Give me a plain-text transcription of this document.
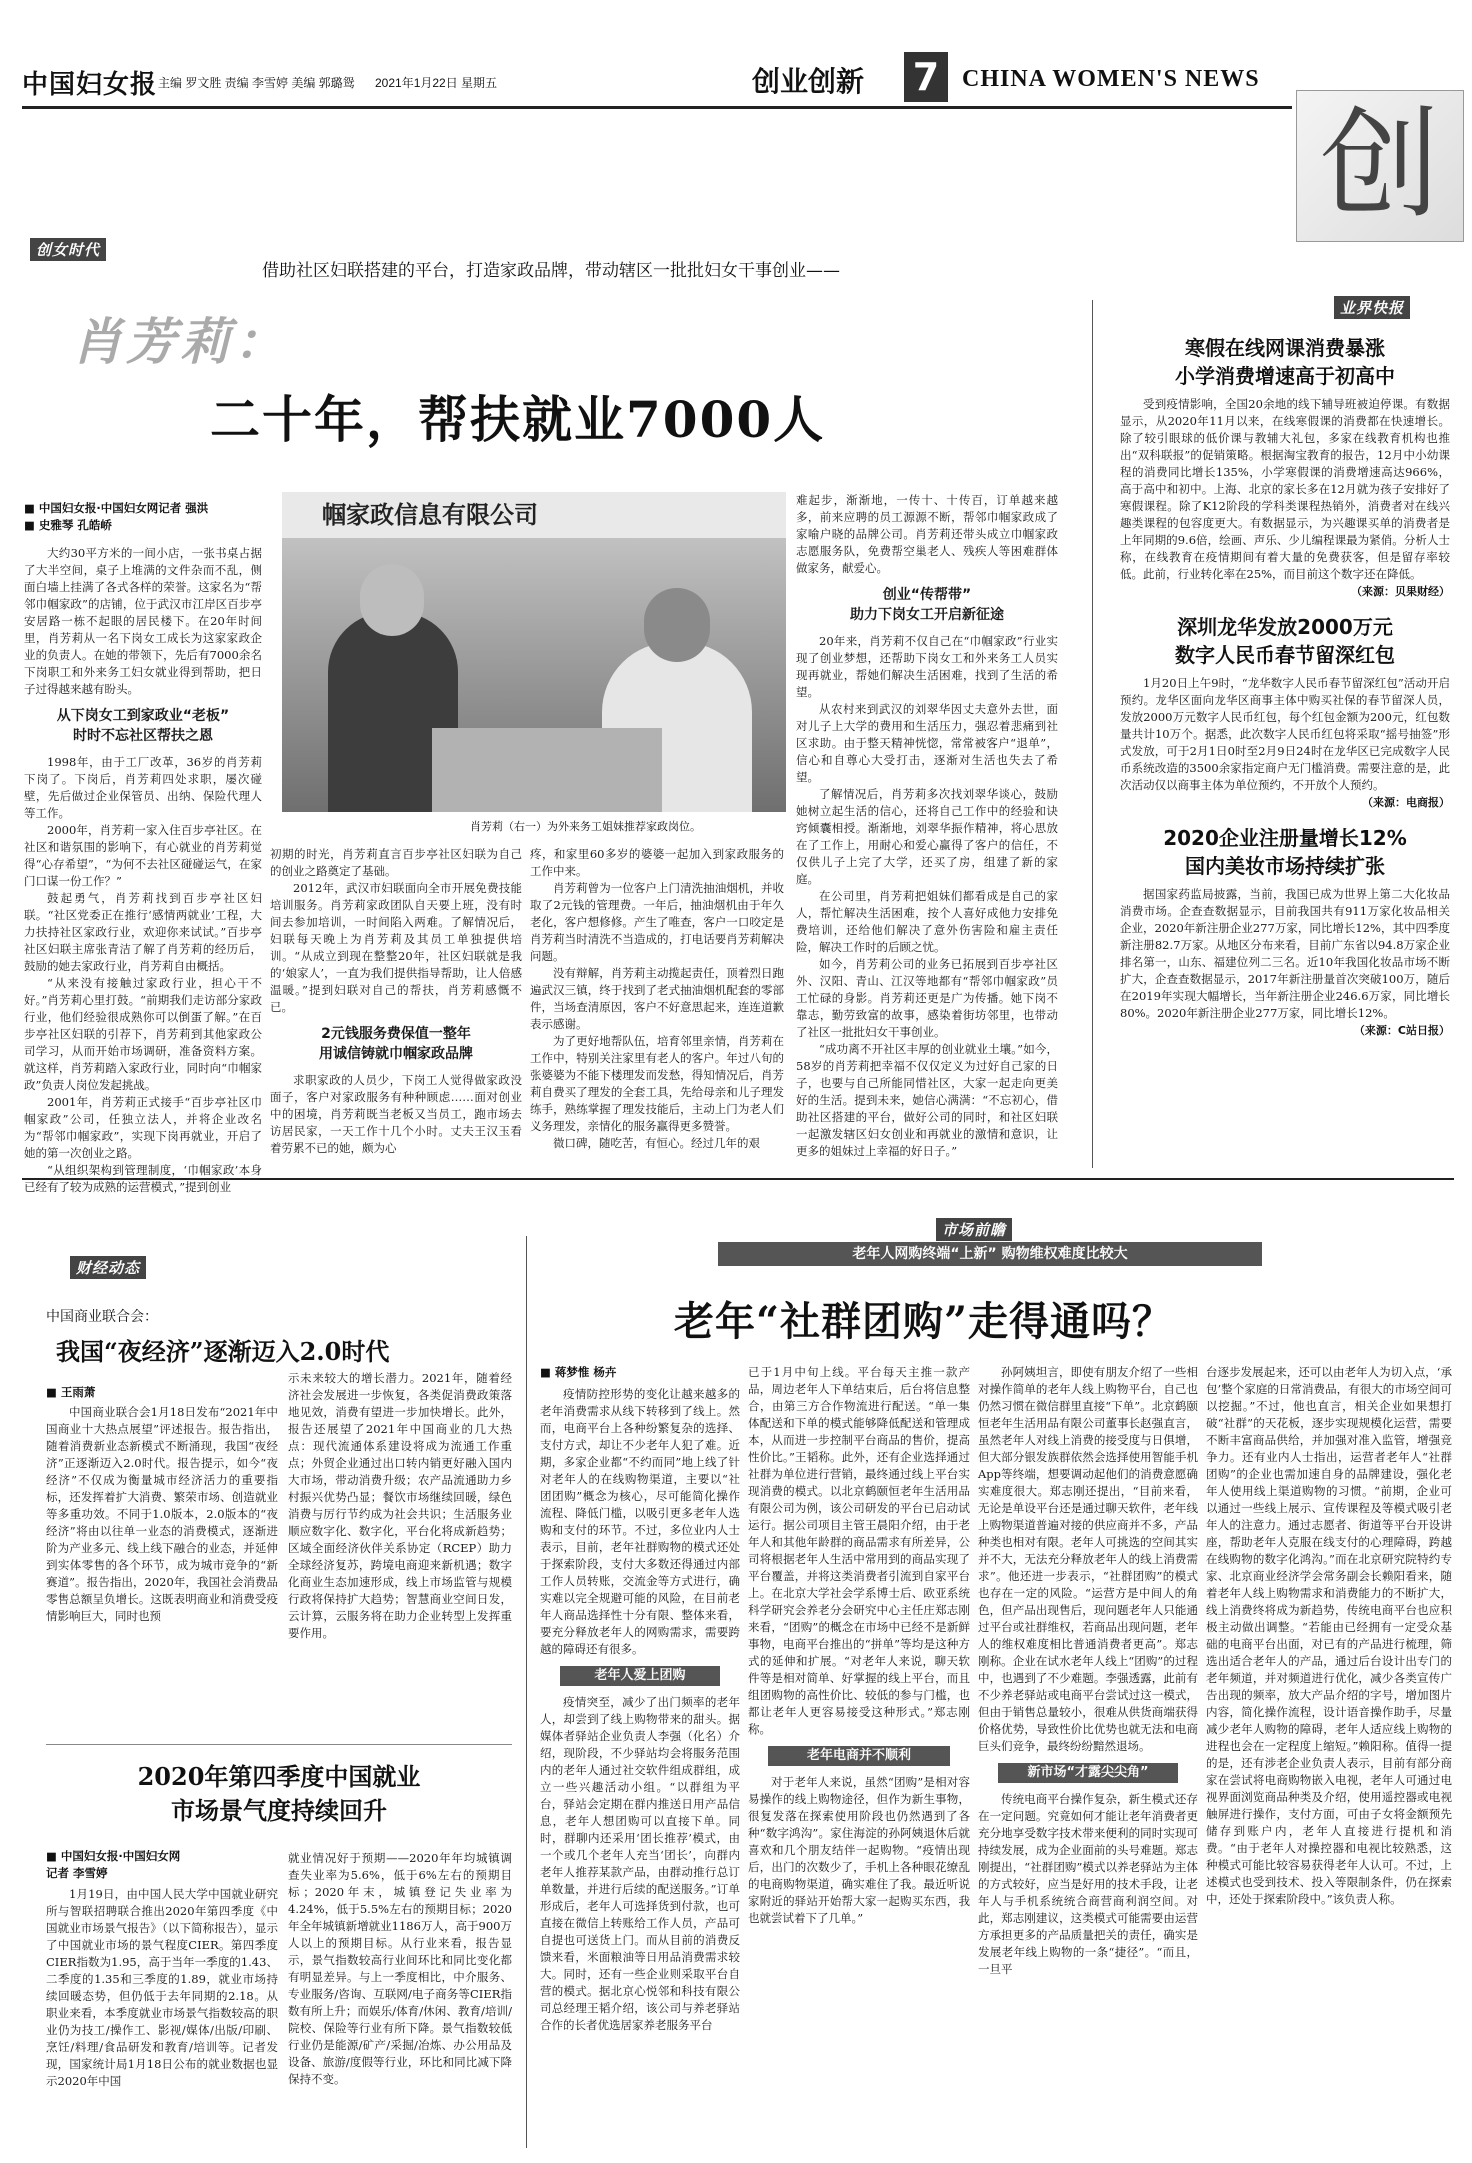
中国妇女报 主编 罗文胜 责编 李雪婷 美编 郭璐鸳 2021年1月22日 星期五	创业创新 7 CHINA WOMEN'S NEWS
创
创女时代
借助社区妇联搭建的平台，打造家政品牌，带动辖区一批批妇女干事创业——
肖芳莉：
二十年，帮扶就业7000人
■ 中国妇女报·中国妇女网记者 强洪
■ 史雅琴 孔皓峤	帼家政信息有限公司
肖芳莉（右一）为外来务工姐妹推荐家政岗位。

大约30平方米的一间小店，一张书桌占据了大半空间，桌子上堆满的文件杂而不乱，侧面白墙上挂满了各式各样的荣誉。这家名为“帮邻巾帼家政”的店铺，位于武汉市江岸区百步亭安居路一栋不起眼的居民楼下。在20年时间里，肖芳莉从一名下岗女工成长为这家家政企业的负责人。在她的带领下，先后有7000余名下岗职工和外来务工妇女就业得到帮助，把日子过得越来越有盼头。

从下岗女工到家政业“老板”
时时不忘社区帮扶之恩

1998年，由于工厂改革，36岁的肖芳莉下岗了。下岗后，肖芳莉四处求职，屡次碰壁，先后做过企业保管员、出纳、保险代理人等工作。

2000年，肖芳莉一家入住百步亭社区。在社区和谐氛围的影响下，有心就业的肖芳莉觉得“心存希望”，“为何不去社区碰碰运气，在家门口谋一份工作？”

鼓起勇气，肖芳莉找到百步亭社区妇联。“社区党委正在推行‘感情两就业’工程，大力扶持社区家政行业，欢迎你来试试。”百步亭社区妇联主席张青洁了解了肖芳莉的经历后，鼓励的她去家政行业，肖芳莉自由概括。

“从来没有接触过家政行业，担心干不好。”肖芳莉心里打鼓。“前期我们走访部分家政行业，他们经验很成熟你可以倒蛋了解。”在百步亭社区妇联的引荐下，肖芳莉到其他家政公司学习，从而开始市场调研，准备资料方案。就这样，肖芳莉踏入家政行业，同时向“巾帼家政”负责人岗位发起挑战。

2001年，肖芳莉正式接手“百步亭社区巾帼家政”公司，任独立法人，并将企业改名为“帮邻巾帼家政”，实现下岗再就业，开启了她的第一次创业之路。

“从组织架构到管理制度，‘巾帼家政’本身已经有了较为成熟的运营模式，”提到创业

初期的时光，肖芳莉直言百步亭社区妇联为自己的创业之路奠定了基础。

2012年，武汉市妇联面向全市开展免费技能培训服务。肖芳莉家政团队自天要上班，没有时间去参加培训，一时间陷入两难。了解情况后，妇联每天晚上为肖芳莉及其员工单独提供培训。“从成立到现在整整20年，社区妇联就是我的‘娘家人’，一直为我们提供指导帮助，让人倍感温暖。”提到妇联对自己的帮扶，肖芳莉感慨不已。

2元钱服务费保值一整年
用诚信铸就巾帼家政品牌

求职家政的人员少，下岗工人觉得做家政没面子，客户对家政服务有种种顾虑……面对创业中的困境，肖芳莉既当老板又当员工，跑市场去访居民家，一天工作十几个小时。丈夫王汉玉看着劳累不已的她，颇为心

疼，和家里60多岁的婆婆一起加入到家政服务的工作中来。

肖芳莉曾为一位客户上门清洗抽油烟机，并收取了2元钱的管理费。一年后，抽油烟机由于年久老化，客户想修修。产生了唯查，客户一口咬定是肖芳莉当时清洗不当造成的，打电话要肖芳莉解决问题。

没有辩解，肖芳莉主动揽起责任，顶着烈日跑遍武汉三镇，终于找到了老式抽油烟机配套的零部件，当场查清原因，客户不好意思起来，连连道歉表示感谢。

为了更好地帮队伍，培育邻里亲情，肖芳莉在工作中，特别关注家里有老人的客户。年过八旬的张婆婆为不能下楼理发而发愁，得知情况后，肖芳莉自费买了理发的全套工具，先给母亲和儿子理发练手，熟练掌握了理发技能后，主动上门为老人们义务理发，亲情化的服务赢得更多赞誉。

微口碑，随吃苦，有恒心。经过几年的艰

难起步，渐渐地，一传十、十传百，订单越来越多，前来应聘的员工源源不断，帮邻巾帼家政成了家喻户晓的品牌公司。肖芳莉还带头成立巾帼家政志愿服务队，免费帮空巢老人、残疾人等困难群体做家务，献爱心。

创业“传帮带”
助力下岗女工开启新征途

20年来，肖芳莉不仅自己在“巾帼家政”行业实现了创业梦想，还帮助下岗女工和外来务工人员实现再就业，帮她们解决生活困难，找到了生活的希望。

从农村来到武汉的刘翠华因丈夫意外去世，面对儿子上大学的费用和生活压力，强忍着悲痛到社区求助。由于整天精神恍惚，常常被客户“退单”，信心和自尊心大受打击，逐渐对生活也失去了希望。

了解情况后，肖芳莉多次找刘翠华谈心，鼓励她树立起生活的信心，还将自己工作中的经验和诀窍倾囊相授。渐渐地，刘翠华振作精神，将心思放在了工作上，用耐心和爱心赢得了客户的信任，不仅供儿子上完了大学，还买了房，组建了新的家庭。

在公司里，肖芳莉把姐妹们都看成是自己的家人，帮忙解决生活困难，按个人喜好成他力安排免费培训，还给他们解决了意外伤害险和雇主责任险，解决工作时的后顾之忧。

如今，肖芳莉公司的业务已拓展到百步亭社区外、汉阳、青山、江汉等地都有“帮邻巾帼家政”员工忙碌的身影。肖芳莉还更是广为传播。她下岗不靠志，勤劳致富的故事，感染着街坊邻里，也带动了社区一批批妇女干事创业。

“成功离不开社区丰厚的创业就业土壤。”如今，58岁的肖芳莉把幸福不仅仅定义为过好自己家的日子，也要与自己所能同惜社区，大家一起走向更美好的生活。提到未来，她信心满满：“不忘初心，借助社区搭建的平台，做好公司的同时，和社区妇联一起激发辖区妇女创业和再就业的激情和意识，让更多的姐妹过上幸福的好日子。”

业界快报
寒假在线网课消费暴涨
小学消费增速高于初高中

受到疫情影响，全国20余地的线下辅导班被迫停课。有数据显示，从2020年11月以来，在线寒假课的消费都在快速增长。除了较引眼球的低价课与教辅大礼包，多家在线教育机构也推出“双科联报”的促销策略。根据淘宝教育的报告，12月中小幼课程的消费同比增长135%，小学寒假课的消费增速高达966%，高于高中和初中。上海、北京的家长多在12月就为孩子安排好了寒假课程。除了K12阶段的学科类课程热销外，消费者对在线兴趣类课程的包容度更大。有数据显示，为兴趣课买单的消费者是上年同期的9.6倍，绘画、声乐、少儿编程课最为紧俏。分析人士称，在线教育在疫情期间有着大量的免费获客，但是留存率较低。此前，行业转化率在25%，而目前这个数字还在降低。

（来源：贝果财经）
深圳龙华发放2000万元
数字人民币春节留深红包

1月20日上午9时，“龙华数字人民币春节留深红包”活动开启预约。龙华区面向龙华区商事主体中购买社保的春节留深人员，发放2000万元数字人民币红包，每个红包金额为200元，红包数量共计10万个。据悉，此次数字人民币红包将采取“摇号抽签”形式发放，可于2月1日0时至2月9日24时在龙华区已完成数字人民币系统改造的3500余家指定商户无门槛消费。需要注意的是，此次活动仅以商事主体为单位预约，不开放个人预约。

（来源：电商报）
2020企业注册量增长12%
国内美妆市场持续扩张

据国家药监局披露，当前，我国已成为世界上第二大化妆品消费市场。企查查数据显示，目前我国共有911万家化妆品相关企业，2020年新注册企业277万家，同比增长12%，其中四季度新注册82.7万家。从地区分布来看，目前广东省以94.8万家企业排名第一，山东、福建位列二三名。近10年我国化妆品市场不断扩大，企查查数据显示，2017年新注册量首次突破100万，随后在2019年实现大幅增长，当年新注册企业246.6万家，同比增长80%。2020年新注册企业277万家，同比增长12%。

（来源：C站日报）
财经动态
中国商业联合会：
我国“夜经济”逐渐迈入2.0时代
■ 王雨萧

中国商业联合会1月18日发布“2021年中国商业十大热点展望”评述报告。报告指出，随着消费新业态新模式不断涌现，我国“夜经济”正逐渐迈入2.0时代。报告提示，如今“夜经济”不仅成为衡量城市经济活力的重要指标，还发挥着扩大消费、繁荣市场、创造就业等多重功效。不同于1.0版本，2.0版本的“夜经济”将由以往单一业态的消费模式，逐渐进阶为产业多元、线上线下融合的业态，并延伸到实体零售的各个环节，成为城市竞争的“新赛道”。报告指出，2020年，我国社会消费品零售总额呈负增长。这既表明商业和消费受疫情影响巨大，同时也预

示未来较大的增长潜力。2021年，随着经济社会发展进一步恢复，各类促消费政策落地见效，消费有望进一步加快增长。此外，报告还展望了2021年中国商业的几大热点：现代流通体系建设将成为流通工作重点；外贸企业通过出口转内销更好融入国内大市场，带动消费升级；农产品流通助力乡村振兴优势凸显；餐饮市场继续回暖，绿色消费与厉行节约成为社会共识；生活服务业顺应数字化、数字化，平台化将成新趋势；区域全面经济伙伴关系协定（RCEP）助力全球经济复苏，跨境电商迎来新机遇；数字化商业生态加速形成，线上市场监管与规模行政将保持扩大趋势；智慧商业空间日发，云计算，云服务将在助力企业转型上发挥重要作用。

2020年第四季度中国就业
市场景气度持续回升
■ 中国妇女报·中国妇女网
记者 李雪婷

1月19日，由中国人民大学中国就业研究所与智联招聘联合推出2020年第四季度《中国就业市场景气报告》（以下简称报告），显示了中国就业市场的景气程度CIER。第四季度CIER指数为1.95，高于当年一季度的1.43、二季度的1.35和三季度的1.89，就业市场持续回暖态势，但仍低于去年同期的2.18。从职业来看，本季度就业市场景气指数较高的职业仍为技工/操作工、影视/媒体/出版/印刷、烹饪/料理/食品研发和教育/培训等。记者发现，国家统计局1月18日公布的就业数据也显示2020年中国

就业情况好于预期——2020年年均城镇调查失业率为5.6%，低于6%左右的预期目标；2020年末，城镇登记失业率为4.24%，低于5.5%左右的预期目标；2020年全年城镇新增就业1186万人，高于900万人以上的预期目标。从行业来看，报告显示，景气指数较高行业间环比和同比变化都有明显差异。与上一季度相比，中介服务、专业服务/咨询、互联网/电子商务等CIER指数有所上升；而娱乐/体育/休闲、教育/培训/院校、保险等行业有所下降。景气指数较低行业仍是能源/矿产/采掘/冶炼、办公用品及设备、旅游/度假等行业，环比和同比减下降保持不变。

市场前瞻
老年人网购终端“上新” 购物维权难度比较大
老年“社群团购”走得通吗？
■ 蒋梦惟 杨卉

疫情防控形势的变化让越来越多的老年消费需求从线下转移到了线上。然而，电商平台上各种纷繁复杂的选择、支付方式，却让不少老年人犯了难。近期，多家企业都“不约而同”地上线了针对老年人的在线购物渠道，主要以“社团团购”概念为核心，尽可能简化操作流程、降低门槛，以吸引更多老年人选购和支付的环节。不过，多位业内人士表示，目前，老年社群购物的模式还处于探索阶段，支付大多数还得通过内部工作人员转账，交流金等方式进行，确实难以完全规避可能的风险，在目前老年人商品选择性十分有限、整体来看，要充分释放老年人的网购需求，需要跨越的障碍还有很多。

老年人爱上团购

疫情突至，减少了出门频率的老年人，却尝到了线上购物带来的甜头。据媒体者驿站企业负责人李强（化名）介绍，现阶段，不少驿站均会将服务范围内的老年人通过社交软件组成群组，成立一些兴趣活动小组。“以群组为平台，驿站会定期在群内推送日用产品信息，老年人想团购可以直接下单。同时，群聊内还采用‘团长推荐’模式，由一个或几个老年人充当‘团长’，向群内老年人推荐某款产品，由群动推行总订单数量，并进行后续的配送服务。”订单形成后，老年人可选择货到付款，也可直接在微信上转账给工作人员，产品可自提也可送货上门。而从目前的消费反馈来看，米面粮油等日用品消费需求较大。同时，还有一些企业则采取平台自营的模式。据北京心悦邻和科技有限公司总经理王韬介绍，该公司与养老驿站合作的长者优选居家养老服务平台

已于1月中旬上线。平台每天主推一款产品，周边老年人下单结束后，后台将信息整合，由第三方合作物流进行配送。“单一集体配送和下单的模式能够降低配送和管理成本，从而进一步控制平台商品的售价，提高性价比。”王韬称。此外，还有企业选择通过社群为单位进行营销，最终通过线上平台实现消费的模式。以北京鹤颐恒老年生活用品有限公司为例，该公司研发的平台已启动试运行。据公司项目主管王晨阳介绍，由于老年人和其他年龄群的商品需求有所差异，公司将根据老年人生活中常用到的商品实现了平台覆盖，并将这类消费者引流到自家平台上。在北京大学社会学系博士后、欧亚系统科学研究会养老分会研究中心主任庄郑志刚来看，“团购”的概念在市场中已经不是新鲜事物，电商平台推出的“拼单”等均是这种方式的延伸和扩展。“对老年人来说，聊天软件等是相对简单、好掌握的线上平台，而且组团购物的高性价比、较低的参与门槛，也都让老年人更容易接受这种形式。”郑志刚称。

老年电商并不顺利

对于老年人来说，虽然“团购”是相对容易操作的线上购物途径，但作为新生事物，很复发落在探索使用阶段也仍然遇到了各种“数字鸿沟”。家住海淀的孙阿姨退休后就喜欢和几个朋友结伴一起购物。“疫情出现后，出门的次数少了，手机上各种眼花缭乱的电商购物渠道，确实难住了我。最近听说家附近的驿站开始帮大家一起购买东西，我也就尝试着下了几单。”

孙阿姨坦言，即使有朋友介绍了一些相对操作简单的老年人线上购物平台，自己也仍然习惯在微信群里直接“下单”。北京鹤颐恒老年生活用品有限公司董事长赵强直言，虽然老年人对线上消费的接受度与日俱增，但大部分银发族群依然会选择使用智能手机App等终端，想要调动起他们的消费意愿确实难度很大。郑志刚还提出，“目前来看，无论是单设平台还是通过聊天软件，老年线上购物渠道普遍对接的供应商并不多，产品种类也相对有限。老年人可挑选的空间其实并不大，无法充分释放老年人的线上消费需求”。他还进一步表示，“社群团购”的模式也存在一定的风险。“运营方是中间人的角色，但产品出现售后，现问题老年人只能通过平台或社群维权，若商品出现问题，老年人的维权难度相比普通消费者更高”。郑志刚称。企业在试水老年人线上“团购”的过程中，也遇到了不少难题。李强透露，此前有不少养老驿站或电商平台尝试过这一模式，但由于销售总量较小，很难从供货商端获得价格优势，导致性价比优势也就无法和电商巨头们竞争，最终纷纷黯然退场。

新市场“才露尖尖角”

传统电商平台操作复杂，新生模式还存在一定问题。究竟如何才能让老年消费者更充分地享受数字技术带来便利的同时实现可持续发展，成为企业面前的头号难题。郑志刚提出，“社群团购”模式以养老驿站为主体的方式较好，应当是好用的技术手段，让老年人与手机系统统合商营商利润空间。对此，郑志刚建议，这类模式可能需要由运营方承担更多的产品质量把关的责任，确实是发展老年线上购物的一条“捷径”。“而且，一旦平

台逐步发展起来，还可以由老年人为切入点，‘承包’整个家庭的日常消费品，有很大的市场空间可以挖掘。”不过，他也直言，相关企业如果想打破“社群”的天花板，逐步实现规模化运营，需要不断丰富商品供给，并加强对准入监管，增强竞争力。还有业内人士指出，运营者老年人“社群团购”的企业也需加速自身的品牌建设，强化老年人使用线上渠道购物的习惯。“前期，企业可以通过一些线上展示、宣传课程及等模式吸引老年人的注意力。通过志愿者、街道等平台开设讲座，帮助老年人克服在线支付的心理障碍，跨越在线购物的数字化鸿沟。”而在北京研究院特约专家、北京商业经济学会常务副会长赖阳看来，随着老年人线上购物需求和消费能力的不断扩大，线上消费终将成为新趋势，传统电商平台也应积极主动做出调整。“若能由已经拥有一定受众基础的电商平台出面，对已有的产品进行梳理，筛选出适合老年人的产品，通过后台设计出专门的老年频道，并对频道进行优化，减少各类宣传广告出现的频率，放大产品介绍的字号，增加图片内容，简化操作流程，设计语音操作助手，尽量减少老年人购物的障碍，老年人适应线上购物的进程也会在一定程度上缩短。”赖阳称。值得一提的是，还有涉老企业负责人表示，目前有部分商家在尝试将电商购物嵌入电视，老年人可通过电视界面浏览商品种类及介绍，使用遥控器或电视触屏进行操作，支付方面，可由子女将金额预先储存到账户内，老年人直接进行提机和消费。“由于老年人对操控器和电视比较熟悉，这种模式可能比较容易获得老年人认可。不过，上述模式也受到技术、投入等限制条件，仍在探索中，还处于探索阶段中。”该负责人称。
